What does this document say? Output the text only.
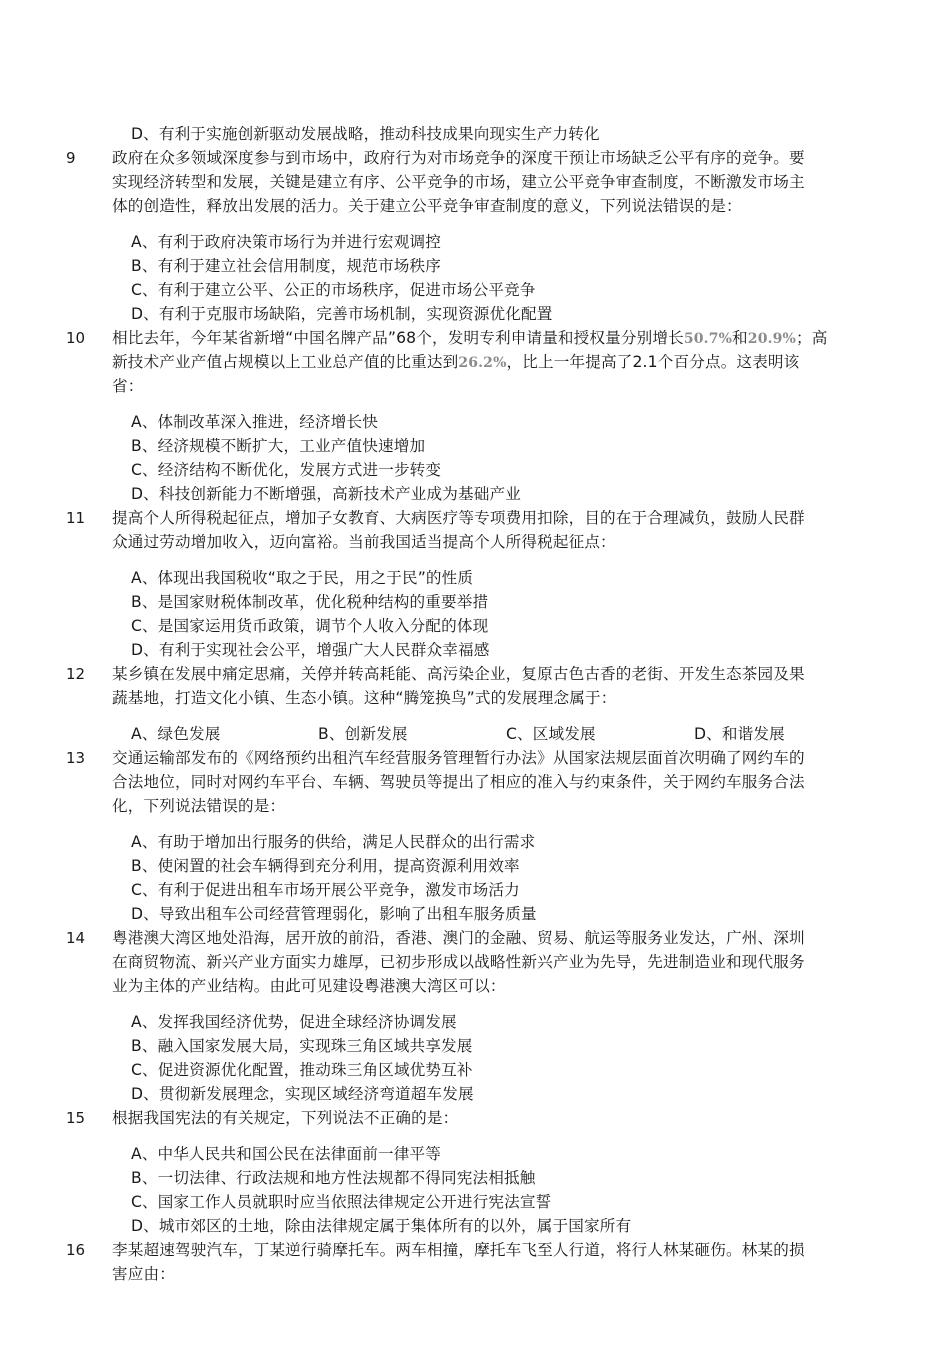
D、有利于实施创新驱动发展战略，推动科技成果向现实生产力转化
9	政府在众多领域深度参与到市场中，政府行为对市场竞争的深度干预让市场缺乏公平有序的竞争。要
实现经济转型和发展，关键是建立有序、公平竞争的市场，建立公平竞争审查制度，不断激发市场主
体的创造性，释放出发展的活力。关于建立公平竞争审查制度的意义，下列说法错误的是：
A、有利于政府决策市场行为并进行宏观调控
B、有利于建立社会信用制度，规范市场秩序
C、有利于建立公平、公正的市场秩序，促进市场公平竞争
D、有利于克服市场缺陷，完善市场机制，实现资源优化配置
10	相比去年，今年某省新增“中国名牌产品”68个，发明专利申请量和授权量分别增长50.7%和20.9%；高
新技术产业产值占规模以上工业总产值的比重达到26.2%，比上一年提高了2.1个百分点。这表明该
省：
A、体制改革深入推进，经济增长快
B、经济规模不断扩大，工业产值快速增加
C、经济结构不断优化，发展方式进一步转变
D、科技创新能力不断增强，高新技术产业成为基础产业
11	提高个人所得税起征点，增加子女教育、大病医疗等专项费用扣除，目的在于合理减负，鼓励人民群
众通过劳动增加收入，迈向富裕。当前我国适当提高个人所得税起征点：
A、体现出我国税收“取之于民，用之于民”的性质
B、是国家财税体制改革，优化税种结构的重要举措
C、是国家运用货币政策，调节个人收入分配的体现
D、有利于实现社会公平，增强广大人民群众幸福感
12	某乡镇在发展中痛定思痛，关停并转高耗能、高污染企业，复原古色古香的老街、开发生态茶园及果
蔬基地，打造文化小镇、生态小镇。这种“腾笼换鸟”式的发展理念属于：
A、绿色发展	B、创新发展	C、区域发展	D、和谐发展
13	交通运输部发布的《网络预约出租汽车经营服务管理暂行办法》从国家法规层面首次明确了网约车的
合法地位，同时对网约车平台、车辆、驾驶员等提出了相应的准入与约束条件，关于网约车服务合法
化，下列说法错误的是：
A、有助于增加出行服务的供给，满足人民群众的出行需求
B、使闲置的社会车辆得到充分利用，提高资源利用效率
C、有利于促进出租车市场开展公平竞争，激发市场活力
D、导致出租车公司经营管理弱化，影响了出租车服务质量
14	粤港澳大湾区地处沿海，居开放的前沿，香港、澳门的金融、贸易、航运等服务业发达，广州、深圳
在商贸物流、新兴产业方面实力雄厚，已初步形成以战略性新兴产业为先导，先进制造业和现代服务
业为主体的产业结构。由此可见建设粤港澳大湾区可以：
A、发挥我国经济优势，促进全球经济协调发展
B、融入国家发展大局，实现珠三角区域共享发展
C、促进资源优化配置，推动珠三角区域优势互补
D、贯彻新发展理念，实现区域经济弯道超车发展
15	根据我国宪法的有关规定，下列说法不正确的是：
A、中华人民共和国公民在法律面前一律平等
B、一切法律、行政法规和地方性法规都不得同宪法相抵触
C、国家工作人员就职时应当依照法律规定公开进行宪法宣誓
D、城市郊区的土地，除由法律规定属于集体所有的以外，属于国家所有
16	李某超速驾驶汽车，丁某逆行骑摩托车。两车相撞，摩托车飞至人行道，将行人林某砸伤。林某的损
害应由：
